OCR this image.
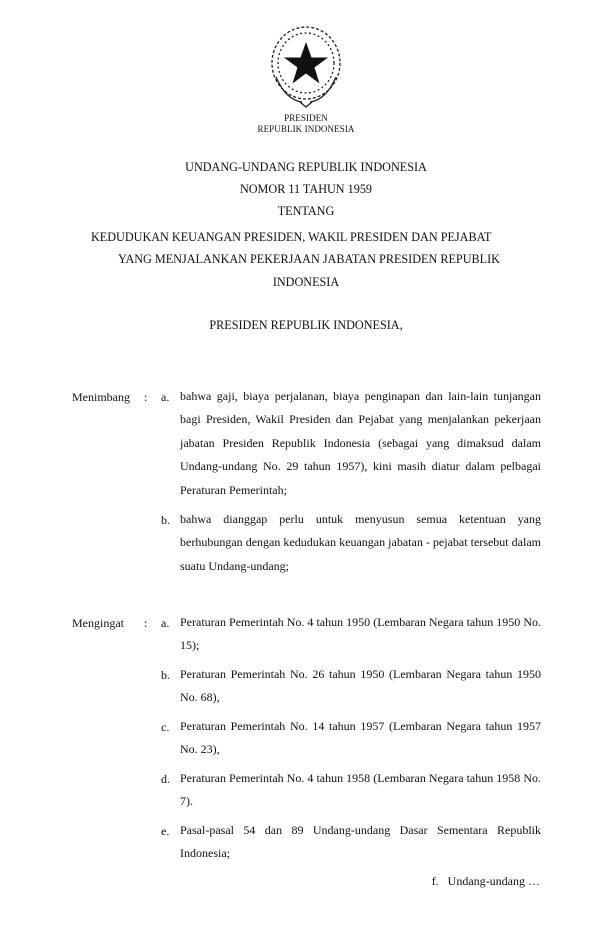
PRESIDEN
REPUBLIK INDONESIA
UNDANG-UNDANG REPUBLIK INDONESIA
NOMOR 11 TAHUN 1959
TENTANG
KEDUDUKAN KEUANGAN PRESIDEN, WAKIL PRESIDEN DAN PEJABAT
YANG MENJALANKAN PEKERJAAN JABATAN PRESIDEN REPUBLIK
INDONESIA
PRESIDEN REPUBLIK INDONESIA,
Menimbang : a. bahwa gaji, biaya perjalanan, biaya penginapan dan lain-lain tunjangan bagi Presiden, Wakil Presiden dan Pejabat yang menjalankan pekerjaan jabatan Presiden Republik Indonesia (sebagai yang dimaksud dalam Undang-undang No. 29 tahun 1957), kini masih diatur dalam pelbagai Peraturan Pemerintah;
b. bahwa dianggap perlu untuk menyusun semua ketentuan yang berhubungan dengan kedudukan keuangan jabatan - pejabat tersebut dalam suatu Undang-undang;
Mengingat : a. Peraturan Pemerintah No. 4 tahun 1950 (Lembaran Negara tahun 1950 No. 15);
b. Peraturan Pemerintah No. 26 tahun 1950 (Lembaran Negara tahun 1950 No. 68),
c. Peraturan Pemerintah No. 14 tahun 1957 (Lembaran Negara tahun 1957 No. 23),
d. Peraturan Pemerintah No. 4 tahun 1958 (Lembaran Negara tahun 1958 No. 7).
e. Pasal-pasal 54 dan 89 Undang-undang Dasar Sementara Republik Indonesia;
f.   Undang-undang …
